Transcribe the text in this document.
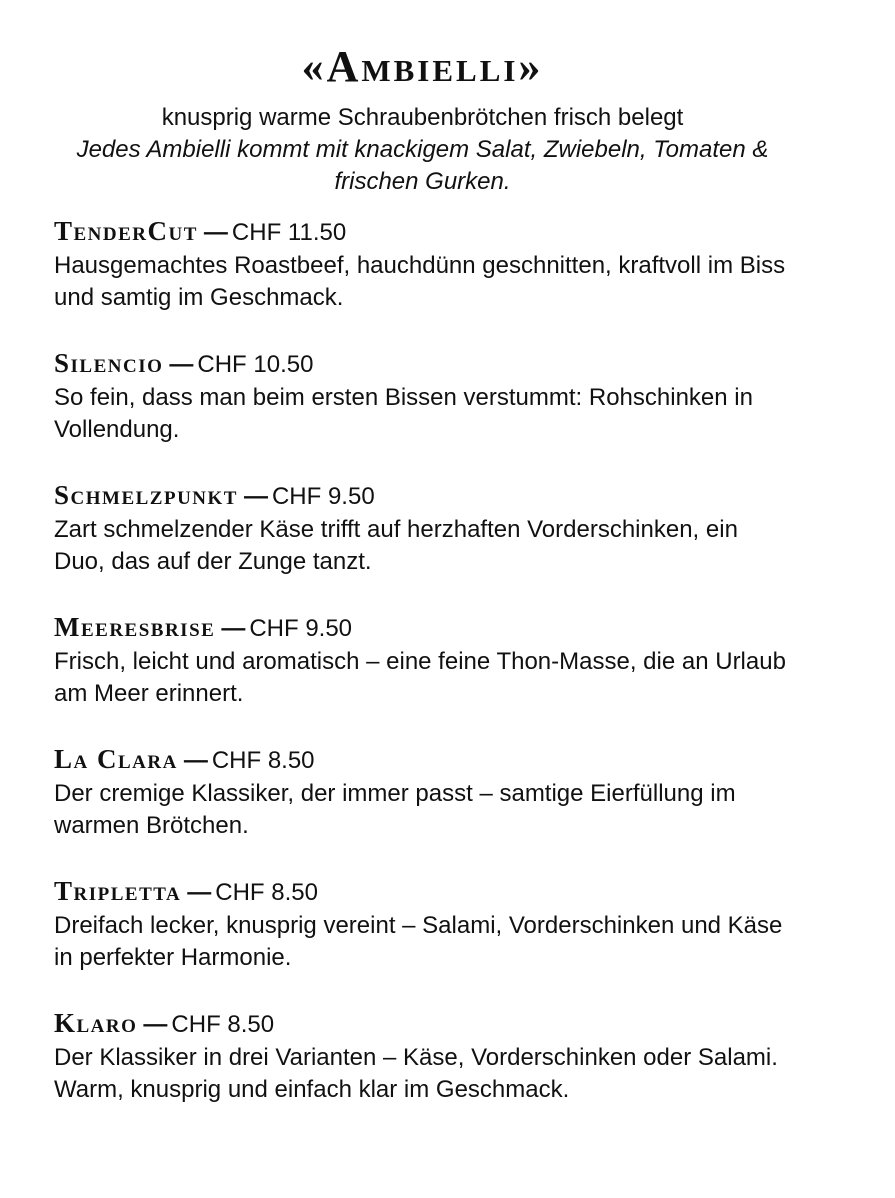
«Ambielli»

knusprig warme Schraubenbrötchen frisch belegt

Jedes Ambielli kommt mit knackigem Salat, Zwiebeln, Tomaten & frischen Gurken.

TenderCut — CHF 11.50

Hausgemachtes Roastbeef, hauchdünn geschnitten, kraftvoll im Biss und samtig im Geschmack.

Silencio — CHF 10.50

So fein, dass man beim ersten Bissen verstummt: Rohschinken in Vollendung.

Schmelzpunkt — CHF 9.50

Zart schmelzender Käse trifft auf herzhaften Vorderschinken, ein Duo, das auf der Zunge tanzt.

Meeresbrise — CHF 9.50

Frisch, leicht und aromatisch – eine feine Thon-Masse, die an Urlaub am Meer erinnert.

La Clara — CHF 8.50

Der cremige Klassiker, der immer passt – samtige Eierfüllung im warmen Brötchen.

Tripletta — CHF 8.50

Dreifach lecker, knusprig vereint – Salami, Vorderschinken und Käse in perfekter Harmonie.

Klaro — CHF 8.50

Der Klassiker in drei Varianten – Käse, Vorderschinken oder Salami. Warm, knusprig und einfach klar im Geschmack.
